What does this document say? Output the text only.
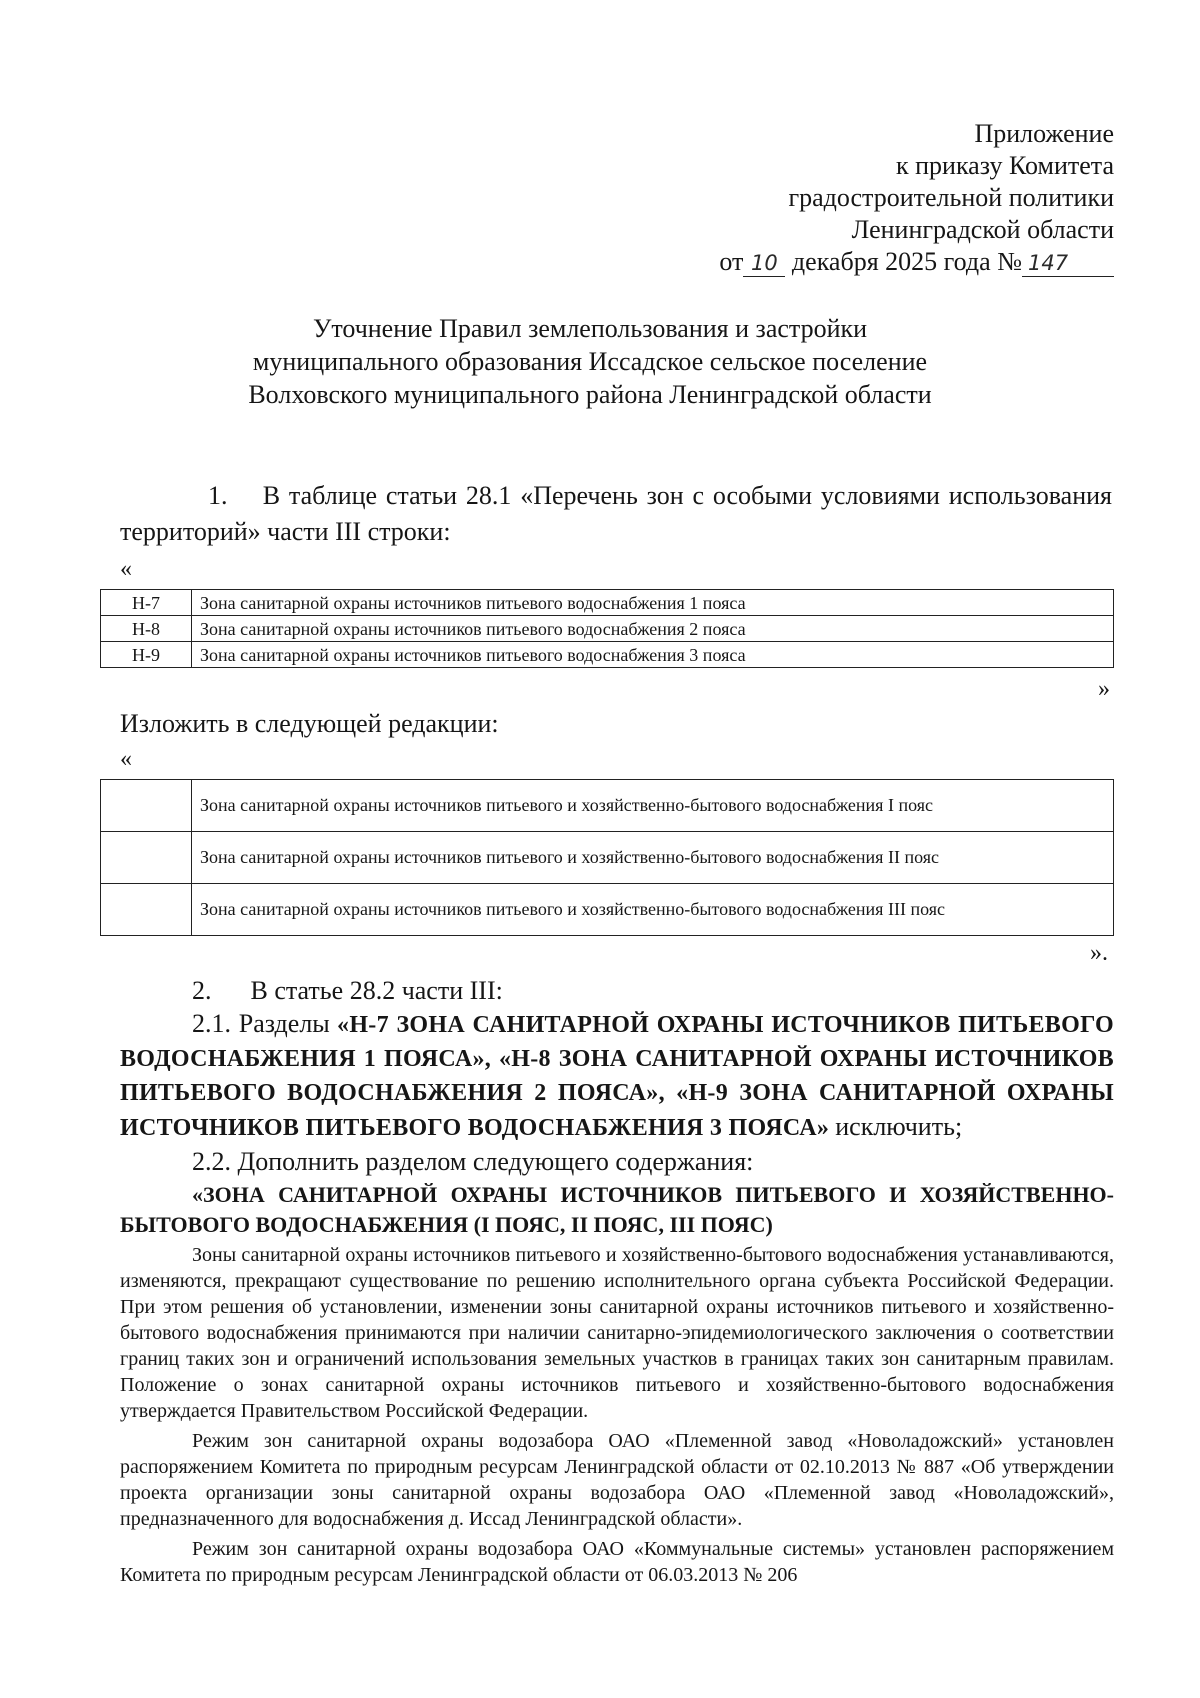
Приложение
к приказу Комитета
градостроительной политики
Ленинградской области
от 10 декабря 2025 года № 147
Уточнение Правил землепользования и застройки
муниципального образования Иссадское сельское поселение
Волховского муниципального района Ленинградской области
1. В таблице статьи 28.1 «Перечень зон с особыми условиями использования территорий» части III строки:
«
Н-7	Зона санитарной охраны источников питьевого водоснабжения 1 пояса
Н-8	Зона санитарной охраны источников питьевого водоснабжения 2 пояса
Н-9	Зона санитарной охраны источников питьевого водоснабжения 3 пояса
»
Изложить в следующей редакции:
«
	Зона санитарной охраны источников питьевого и хозяйственно-бытового водоснабжения I пояс
	Зона санитарной охраны источников питьевого и хозяйственно-бытового водоснабжения II пояс
	Зона санитарной охраны источников питьевого и хозяйственно-бытового водоснабжения III пояс
».
2. В статье 28.2 части III:
2.1. Разделы «Н-7 ЗОНА САНИТАРНОЙ ОХРАНЫ ИСТОЧНИКОВ ПИТЬЕВОГО ВОДОСНАБЖЕНИЯ 1 ПОЯСА», «Н-8 ЗОНА САНИТАРНОЙ ОХРАНЫ ИСТОЧНИКОВ ПИТЬЕВОГО ВОДОСНАБЖЕНИЯ 2 ПОЯСА», «Н-9 ЗОНА САНИТАРНОЙ ОХРАНЫ ИСТОЧНИКОВ ПИТЬЕВОГО ВОДОСНАБЖЕНИЯ 3 ПОЯСА» исключить;
2.2. Дополнить разделом следующего содержания:
«ЗОНА САНИТАРНОЙ ОХРАНЫ ИСТОЧНИКОВ ПИТЬЕВОГО И ХОЗЯЙСТВЕННО-БЫТОВОГО ВОДОСНАБЖЕНИЯ (I ПОЯС, II ПОЯС, III ПОЯС)
Зоны санитарной охраны источников питьевого и хозяйственно-бытового водоснабжения устанавливаются, изменяются, прекращают существование по решению исполнительного органа субъекта Российской Федерации. При этом решения об установлении, изменении зоны санитарной охраны источников питьевого и хозяйственно-бытового водоснабжения принимаются при наличии санитарно-эпидемиологического заключения о соответствии границ таких зон и ограничений использования земельных участков в границах таких зон санитарным правилам. Положение о зонах санитарной охраны источников питьевого и хозяйственно-бытового водоснабжения утверждается Правительством Российской Федерации.
Режим зон санитарной охраны водозабора ОАО «Племенной завод «Новоладожский» установлен распоряжением Комитета по природным ресурсам Ленинградской области от 02.10.2013 № 887 «Об утверждении проекта организации зоны санитарной охраны водозабора ОАО «Племенной завод «Новоладожский», предназначенного для водоснабжения д. Иссад Ленинградской области».
Режим зон санитарной охраны водозабора ОАО «Коммунальные системы» установлен распоряжением Комитета по природным ресурсам Ленинградской области от 06.03.2013 № 206
